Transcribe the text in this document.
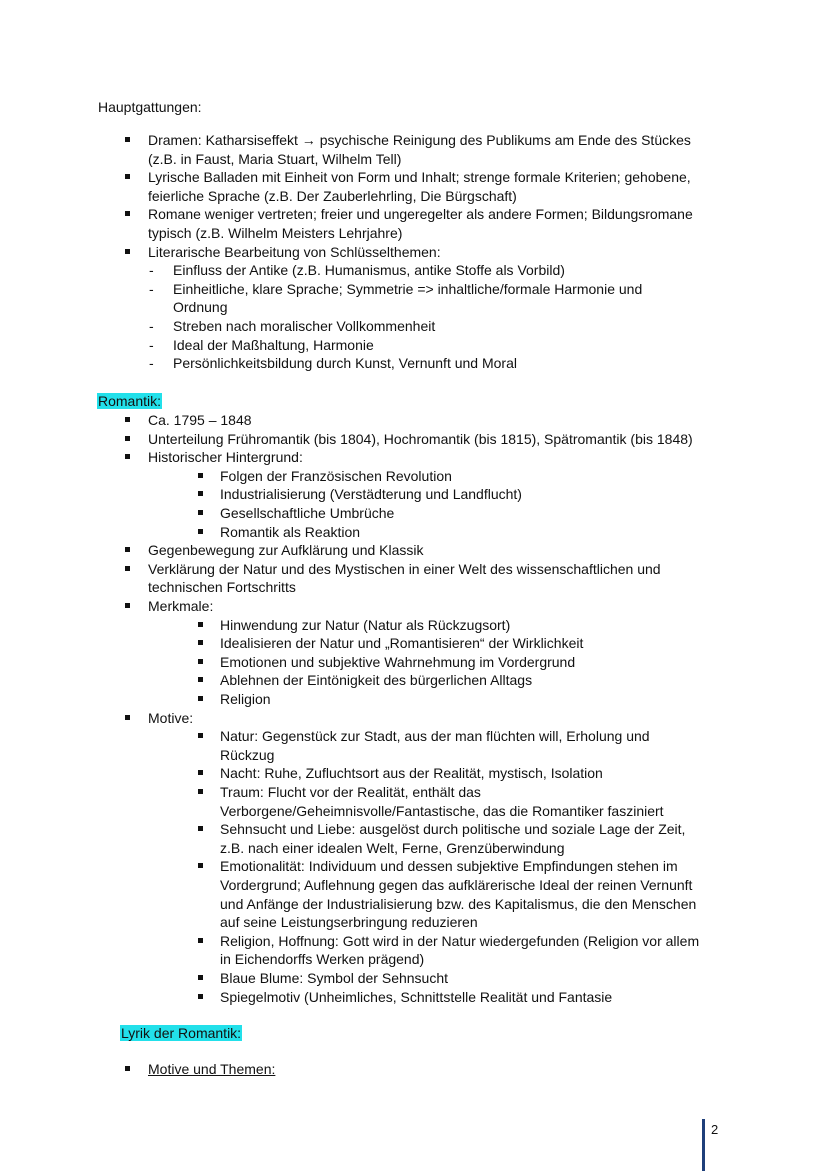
Hauptgattungen:
Dramen: Katharsiseffekt → psychische Reinigung des Publikums am Ende des Stückes
(z.B. in Faust, Maria Stuart, Wilhelm Tell)
Lyrische Balladen mit Einheit von Form und Inhalt; strenge formale Kriterien; gehobene,
feierliche Sprache (z.B. Der Zauberlehrling, Die Bürgschaft)
Romane weniger vertreten; freier und ungeregelter als andere Formen; Bildungsromane
typisch (z.B. Wilhelm Meisters Lehrjahre)
Literarische Bearbeitung von Schlüsselthemen:
- Einfluss der Antike (z.B. Humanismus, antike Stoffe als Vorbild)
- Einheitliche, klare Sprache; Symmetrie => inhaltliche/formale Harmonie und
Ordnung
- Streben nach moralischer Vollkommenheit
- Ideal der Maßhaltung, Harmonie
- Persönlichkeitsbildung durch Kunst, Vernunft und Moral
Romantik:
Ca. 1795 – 1848
Unterteilung Frühromantik (bis 1804), Hochromantik (bis 1815), Spätromantik (bis 1848)
Historischer Hintergrund:
Folgen der Französischen Revolution
Industrialisierung (Verstädterung und Landflucht)
Gesellschaftliche Umbrüche
Romantik als Reaktion
Gegenbewegung zur Aufklärung und Klassik
Verklärung der Natur und des Mystischen in einer Welt des wissenschaftlichen und
technischen Fortschritts
Merkmale:
Hinwendung zur Natur (Natur als Rückzugsort)
Idealisieren der Natur und „Romantisieren“ der Wirklichkeit
Emotionen und subjektive Wahrnehmung im Vordergrund
Ablehnen der Eintönigkeit des bürgerlichen Alltags
Religion
Motive:
Natur: Gegenstück zur Stadt, aus der man flüchten will, Erholung und
Rückzug
Nacht: Ruhe, Zufluchtsort aus der Realität, mystisch, Isolation
Traum: Flucht vor der Realität, enthält das
Verborgene/Geheimnisvolle/Fantastische, das die Romantiker fasziniert
Sehnsucht und Liebe: ausgelöst durch politische und soziale Lage der Zeit,
z.B. nach einer idealen Welt, Ferne, Grenzüberwindung
Emotionalität: Individuum und dessen subjektive Empfindungen stehen im
Vordergrund; Auflehnung gegen das aufklärerische Ideal der reinen Vernunft
und Anfänge der Industrialisierung bzw. des Kapitalismus, die den Menschen
auf seine Leistungserbringung reduzieren
Religion, Hoffnung: Gott wird in der Natur wiedergefunden (Religion vor allem
in Eichendorffs Werken prägend)
Blaue Blume: Symbol der Sehnsucht
Spiegelmotiv (Unheimliches, Schnittstelle Realität und Fantasie
Lyrik der Romantik:
Motive und Themen:
2
